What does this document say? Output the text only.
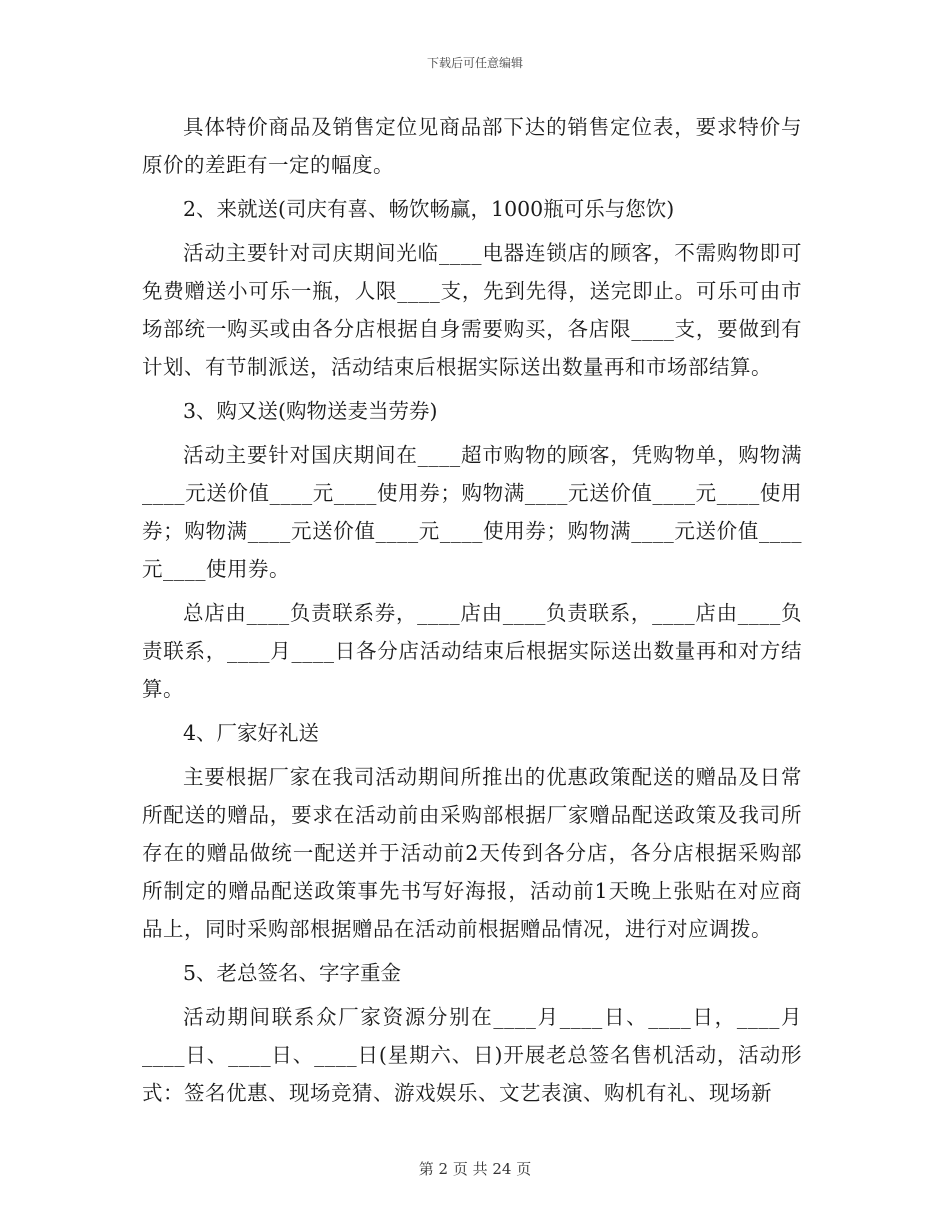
下载后可任意编辑

具体特价商品及销售定位见商品部下达的销售定位表，要求特价与原价的差距有一定的幅度。

2、来就送(司庆有喜、畅饮畅赢，1000瓶可乐与您饮)

活动主要针对司庆期间光临____电器连锁店的顾客，不需购物即可免费赠送小可乐一瓶，人限____支，先到先得，送完即止。可乐可由市场部统一购买或由各分店根据自身需要购买，各店限____支，要做到有计划、有节制派送，活动结束后根据实际送出数量再和市场部结算。

3、购又送(购物送麦当劳券)

活动主要针对国庆期间在____超市购物的顾客，凭购物单，购物满____元送价值____元____使用券；购物满____元送价值____元____使用券；购物满____元送价值____元____使用券；购物满____元送价值____元____使用券。

总店由____负责联系券，____店由____负责联系，____店由____负责联系，____月____日各分店活动结束后根据实际送出数量再和对方结算。

4、厂家好礼送

主要根据厂家在我司活动期间所推出的优惠政策配送的赠品及日常所配送的赠品，要求在活动前由采购部根据厂家赠品配送政策及我司所存在的赠品做统一配送并于活动前2天传到各分店，各分店根据采购部所制定的赠品配送政策事先书写好海报，活动前1天晚上张贴在对应商品上，同时采购部根据赠品在活动前根据赠品情况，进行对应调拨。

5、老总签名、字字重金

活动期间联系众厂家资源分别在____月____日、____日，____月____日、____日、____日(星期六、日)开展老总签名售机活动，活动形式：签名优惠、现场竞猜、游戏娱乐、文艺表演、购机有礼、现场新

第 2 页 共 24 页
